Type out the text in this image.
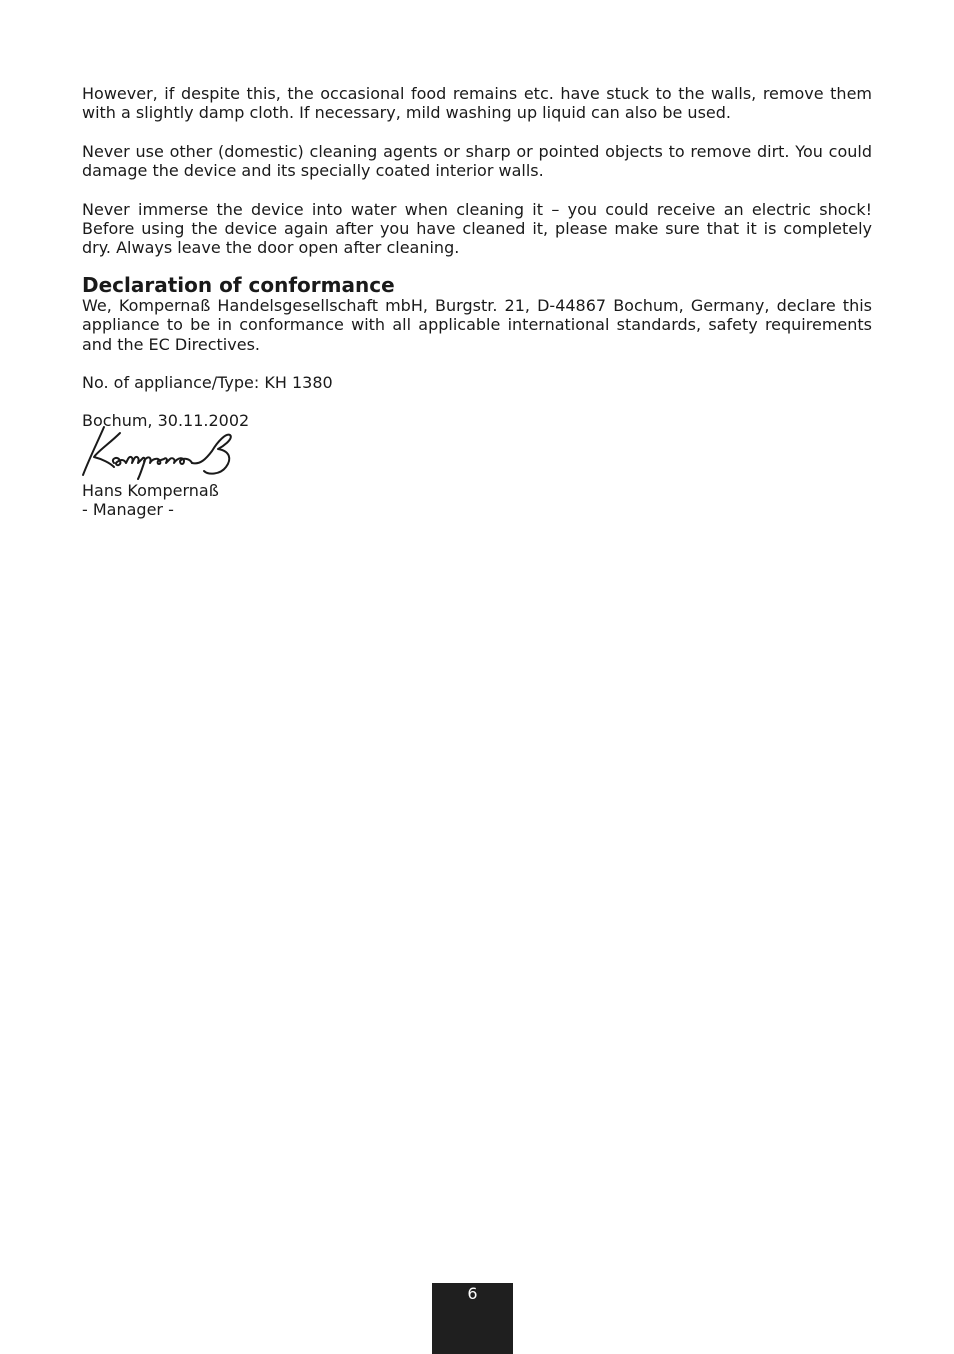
However, if despite this, the occasional food remains etc. have stuck to the walls, remove them with a slightly damp cloth. If necessary, mild washing up liquid can also be used.

Never use other (domestic) cleaning agents or sharp or pointed objects to remove dirt. You could damage the device and its specially coated interior walls.

Never immerse the device into water when cleaning it – you could receive an electric shock! Before using the device again after you have cleaned it, please make sure that it is completely dry. Always leave the door open after cleaning.

Declaration of conformance

We, Kompernaß Handelsgesellschaft mbH, Burgstr. 21, D-44867 Bochum, Germany, declare this appliance to be in conformance with all applicable international standards, safety requirements and the EC Directives.

No. of appliance/Type: KH 1380

Bochum, 30.11.2002

Hans Kompernaß

- Manager -

6
